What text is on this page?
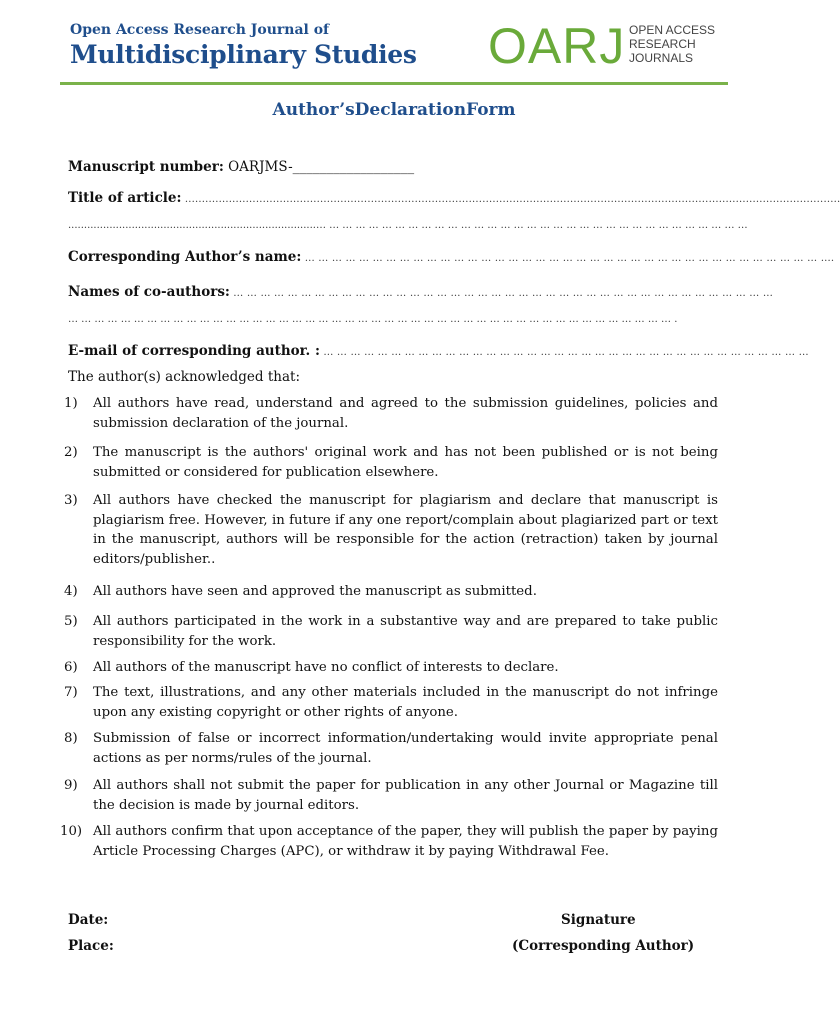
Open Access Research Journal of
Multidisciplinary Studies OARJ OPEN ACCESS
RESEARCH
JOURNALS
Author’sDeclarationForm
Manuscript number: OARJMS-__________________
Title of article: ..................................................................................................................................................................................................
..............................................................................… … … … … … … … … … … … … … … … … … … … … … … … … … … … … … … … …
Corresponding Author’s name: … … … … … … … … … … … … … … … … … … … … … … … … … … … … … … … … … … … … … … ….
Names of co-authors: … … … … … … … … … … … … … … … … … … … … … … … … … … … … … … … … … … … … … … … …
… … … … … … … … … … … … … … … … … … … … … … … … … … … … … … … … … … … … … … … … … … … … … … .
E-mail of corresponding author. : … … … … … … … … … … … … … … … … … … … … … … … … … … … … … … … … … … … …
The author(s) acknowledged that:
1) All authors have read, understand and agreed to the submission guidelines, policies and submission declaration of the journal.
2) The manuscript is the authors' original work and has not been published or is not being submitted or considered for publication elsewhere.
3) All authors have checked the manuscript for plagiarism and declare that manuscript is plagiarism free. However, in future if any one report/complain about plagiarized part or text in the manuscript, authors will be responsible for the action (retraction) taken by journal editors/publisher..
4) All authors have seen and approved the manuscript as submitted.
5) All authors participated in the work in a substantive way and are prepared to take public responsibility for the work.
6) All authors of the manuscript have no conflict of interests to declare.
7) The text, illustrations, and any other materials included in the manuscript do not infringe upon any existing copyright or other rights of anyone.
8) Submission of false or incorrect information/undertaking would invite appropriate penal actions as per norms/rules of the journal.
9) All authors shall not submit the paper for publication in any other Journal or Magazine till the decision is made by journal editors.
10) All authors confirm that upon acceptance of the paper, they will publish the paper by paying Article Processing Charges (APC), or withdraw it by paying Withdrawal Fee.
Date:
Place:
Signature
(Corresponding Author)
